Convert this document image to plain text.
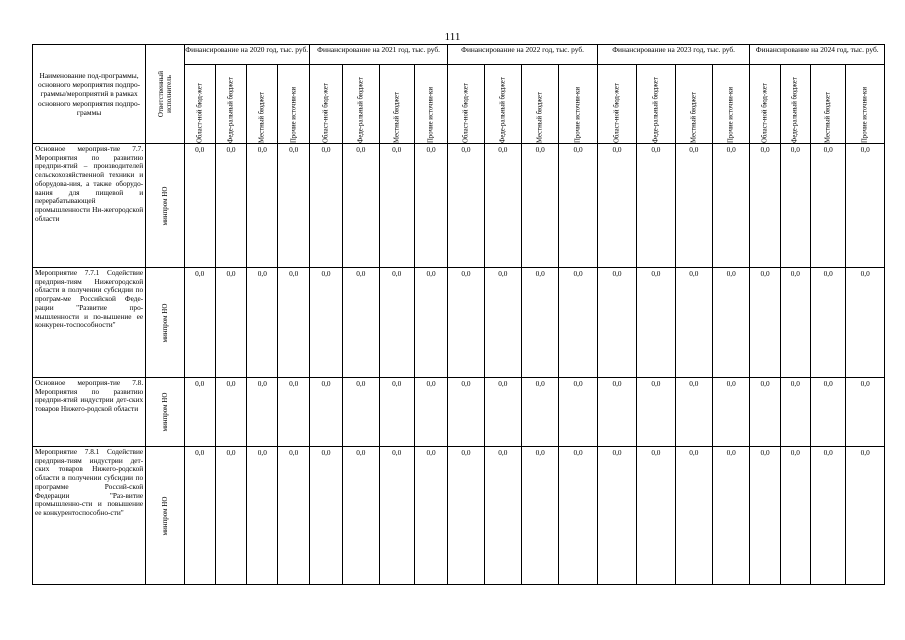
111
Наименование под-программы, основного мероприятия подпро-граммы/мероприятий в рамках основного мероприятия подпро-граммы	Ответственный исполнитель	Финансирование на 2020 год, тыс. руб.				Финансирование на 2021 год, тыс. руб.				Финансирование на 2022 год, тыс. руб.				Финансирование на 2023 год, тыс. руб.				Финансирование на 2024 год, тыс. руб.			

		Област-ной бюд-жет	Феде-ральный бюджет	Местный бюджет	Прочие источни-ки	Област-ной бюд-жет	Феде-ральный бюджет	Местный бюджет	Прочие источни-ки	Област-ной бюд-жет	Феде-ральный бюджет	Местный бюджет	Прочие источни-ки	Област-ной бюд-жет	Феде-ральный бюджет	Местный бюджет	Прочие источни-ки	Област-ной бюд-жет	Феде-ральный бюджет	Местный бюджет	Прочие источни-ки

Основное мероприя-тие 7.7. Мероприятия по развитию предпри-ятий – производителей сельскохозяйственной техники и оборудова-ния, а также оборудо-вания для пищевой и перерабатывающей промышленности Ни-жегородской области	минпром НО	0,0	0,0	0,0	0,0	0,0	0,0	0,0	0,0	0,0	0,0	0,0	0,0	0,0	0,0	0,0	0,0	0,0	0,0	0,0	0,0
Мероприятие 7.7.1 Содействие предприя-тиям Нижегородской области в получении субсидии по програм-ме Российской Феде-рации "Развитие про-мышленности и по-вышение ее конкурен-тоспособности"	минпром НО	0,0	0,0	0,0	0,0	0,0	0,0	0,0	0,0	0,0	0,0	0,0	0,0	0,0	0,0	0,0	0,0	0,0	0,0	0,0	0,0
Основное мероприя-тие 7.8. Мероприятия по развитию предпри-ятий индустрии дет-ских товаров Нижего-родской области	минпром НО	0,0	0,0	0,0	0,0	0,0	0,0	0,0	0,0	0,0	0,0	0,0	0,0	0,0	0,0	0,0	0,0	0,0	0,0	0,0	0,0
Мероприятие 7.8.1 Содействие предприя-тиям индустрии дет-ских товаров Нижего-родской области в получении субсидии по программе Россий-ской Федерации "Раз-витие промышленно-сти и повышение ее конкурентоспособно-сти"	минпром НО	0,0	0,0	0,0	0,0	0,0	0,0	0,0	0,0	0,0	0,0	0,0	0,0	0,0	0,0	0,0	0,0	0,0	0,0	0,0	0,0
